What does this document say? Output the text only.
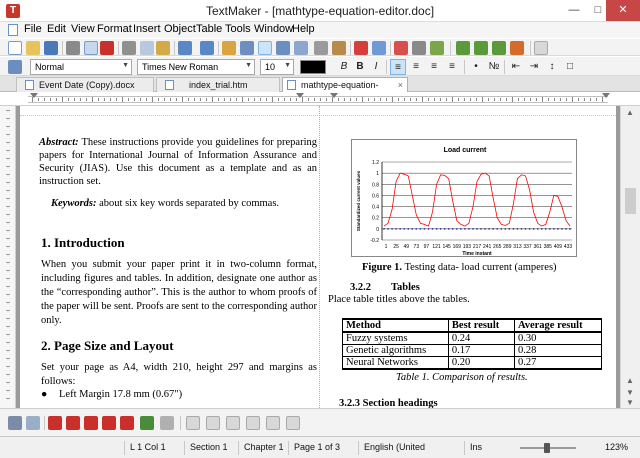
T	TextMaker - [mathtype-equation-editor.doc]	—	□	✕
File Edit View Format Insert Object Table Tools Window
Help
Normal	▼	Times New Roman	▼	10 ▼	B B	I	≡	≡	≡	≡	•	№	⇤ ⇥	↕	□
Event Date (Copy).docx	index_trial.htm	mathtype-equation- ×
Abstract: These instructions provide you guidelines for preparing papers for International Journal of Information Assurance and Security (JIAS). Use this document as a template and as an instruction set.
Keywords: about six key words separated by commas.
1. Introduction
When you submit your paper print it in two-column format, including figures and tables. In addition, designate one author as the “corresponding author”. This is the author to whom proofs of the paper will be sent. Proofs are sent to the corresponding author only.
2. Page Size and Layout
Set your page as A4, width 210, height 297 and margins as follows:
● Left Margin 17.8 mm (0.67")
Load current
1.2
1
0.8
0.6
0.4
0.2
0
-0.2
Standardized current values
1 25 49 73 97 121 145 169 193 217 241 265 289 313 337 361 385 409 433
Time instant
Figure 1. Testing data- load current (amperes)
3.2.2 Tables
Place table titles above the tables.
Method	Best result	Average result
Fuzzy systems	0.24	0.30
Genetic algorithms	0.17	0.28
Neural Networks	0.20	0.27
Table 1. Comparison of results.
3.2.3 Section headings
▲
▲
▼
▼
L 1 Col 1	Section 1	Chapter 1	Page 1 of 3	English (United	Ins	123%
